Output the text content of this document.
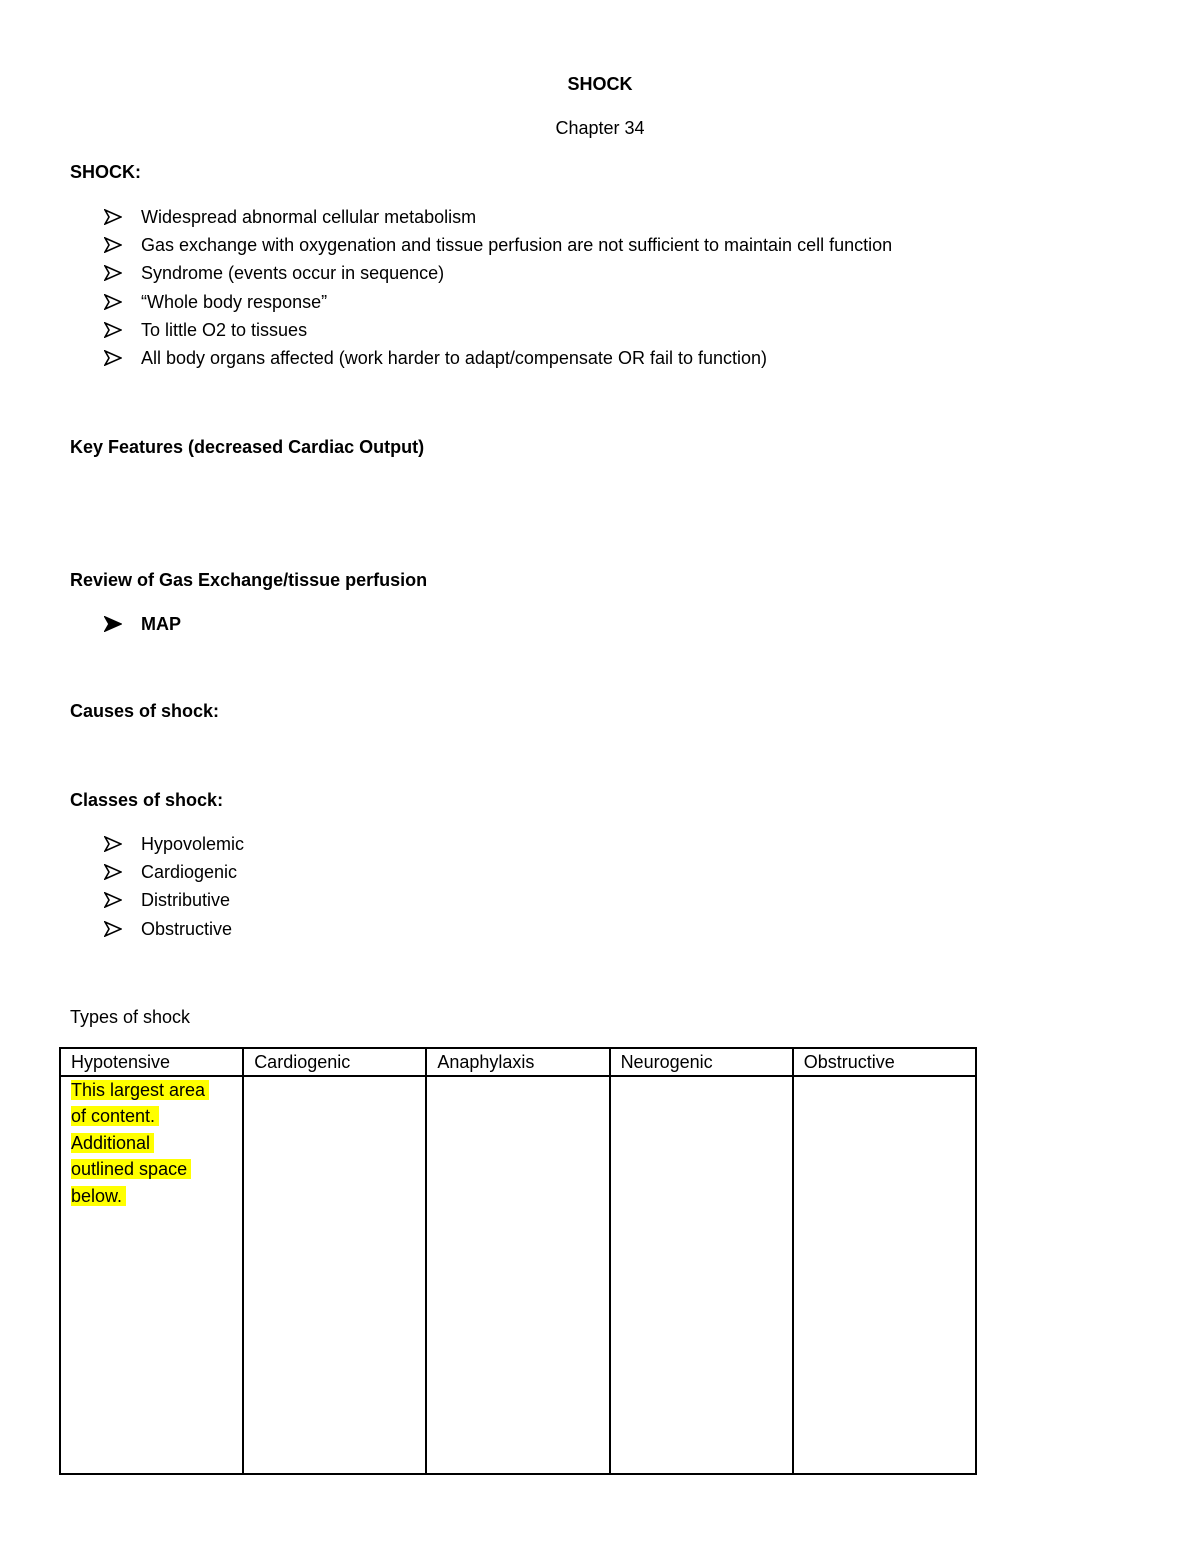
SHOCK
Chapter 34
SHOCK:
Widespread abnormal cellular metabolism
Gas exchange with oxygenation and tissue perfusion are not sufficient to maintain cell function
Syndrome (events occur in sequence)
“Whole body response”
To little O2 to tissues
All body organs affected (work harder to adapt/compensate OR fail to function)
Key Features (decreased Cardiac Output)
Review of Gas Exchange/tissue perfusion
MAP
Causes of shock:
Classes of shock:
Hypovolemic
Cardiogenic
Distributive
Obstructive
Types of shock
Hypotensive	Cardiogenic	Anaphylaxis	Neurogenic	Obstructive
This largest area
of content.
Additional
outlined space
below.				
